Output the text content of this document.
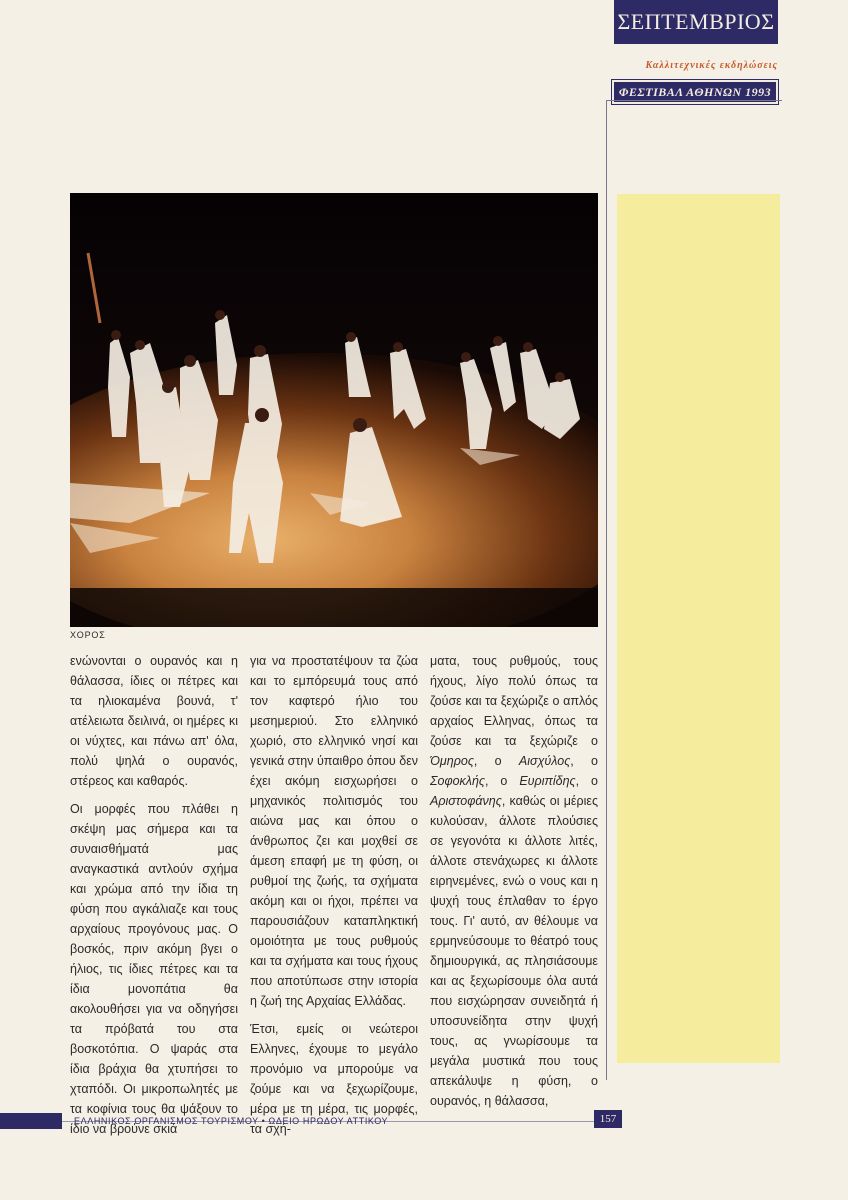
ΣΕΠΤΕΜΒΡΙΟΣ
Καλλιτεχνικές εκδηλώσεις
ΦΕΣΤΙΒΑΛ ΑΘΗΝΩΝ 1993
ΧΟΡΟΣ

ενώνονται ο ουρανός και η θάλασσα, ίδιες οι πέτρες και τα ηλιοκαμένα βουνά, τ' ατέλειωτα δειλινά, οι ημέρες κι οι νύχτες, και πάνω απ' όλα, πολύ ψηλά ο ουρανός, στέρεος και καθαρός.

Οι μορφές που πλάθει η σκέψη μας σήμερα και τα συναισθήματά μας αναγκαστικά αντλούν σχήμα και χρώμα από την ίδια τη φύση που αγκάλιαζε και τους αρχαίους προγόνους μας. Ο βοσκός, πριν ακόμη βγει ο ήλιος, τις ίδιες πέτρες και τα ίδια μονοπάτια θα ακολουθήσει για να οδηγήσει τα πρόβατά του στα βοσκοτόπια. Ο ψαράς στα ίδια βράχια θα χτυπήσει το χταπόδι. Οι μικροπωλητές με τα κοφίνια τους θα ψάξουν το ίδιο να βρούνε σκιά

για να προστατέψουν τα ζώα και το εμπόρευμά τους από τον καφτερό ήλιο του μεσημεριού. Στο ελληνικό χωριό, στο ελληνικό νησί και γενικά στην ύπαιθρο όπου δεν έχει ακόμη εισχωρήσει ο μηχανικός πολιτισμός του αιώνα μας και όπου ο άνθρωπος ζει και μοχθεί σε άμεση επαφή με τη φύση, οι ρυθμοί της ζωής, τα σχήματα ακόμη και οι ήχοι, πρέπει να παρουσιάζουν καταπληκτική ομοιότητα με τους ρυθμούς και τα σχήματα και τους ήχους που αποτύπωσε στην ιστορία η ζωή της Αρχαίας Ελλάδας.

Έτσι, εμείς οι νεώτεροι Ελληνες, έχουμε το μεγάλο προνόμιο να μπορούμε να ζούμε και να ξεχωρίζουμε, μέρα με τη μέρα, τις μορφές, τα σχή-

ματα, τους ρυθμούς, τους ήχους, λίγο πολύ όπως τα ζούσε και τα ξεχώριζε ο απλός αρχαίος Ελληνας, όπως τα ζούσε και τα ξεχώριζε ο Όμηρος, ο Αισχύλος, ο Σοφοκλής, ο Ευριπίδης, ο Αριστοφάνης, καθώς οι μέριες κυλούσαν, άλλοτε πλούσιες σε γεγονότα κι άλλοτε λιτές, άλλοτε στενάχωρες κι άλλοτε ειρηνεμένες, ενώ ο νους και η ψυχή τους έπλαθαν το έργο τους. Γι' αυτό, αν θέλουμε να ερμηνεύσουμε το θέατρό τους δημιουργικά, ας πλησιάσουμε και ας ξεχωρίσουμε όλα αυτά που εισχώρησαν συνειδητά ή υποσυνείδητα στην ψυχή τους, ας γνωρίσουμε τα μεγάλα μυστικά που τους απεκάλυψε η φύση, ο ουρανός, η θάλασσα,

ΕΛΛΗΝΙΚΟΣ ΟΡΓΑΝΙΣΜΟΣ ΤΟΥΡΙΣΜΟΥ • ΩΔΕΙΟ ΗΡΩΔΟΥ ΑΤΤΙΚΟΥ	157
